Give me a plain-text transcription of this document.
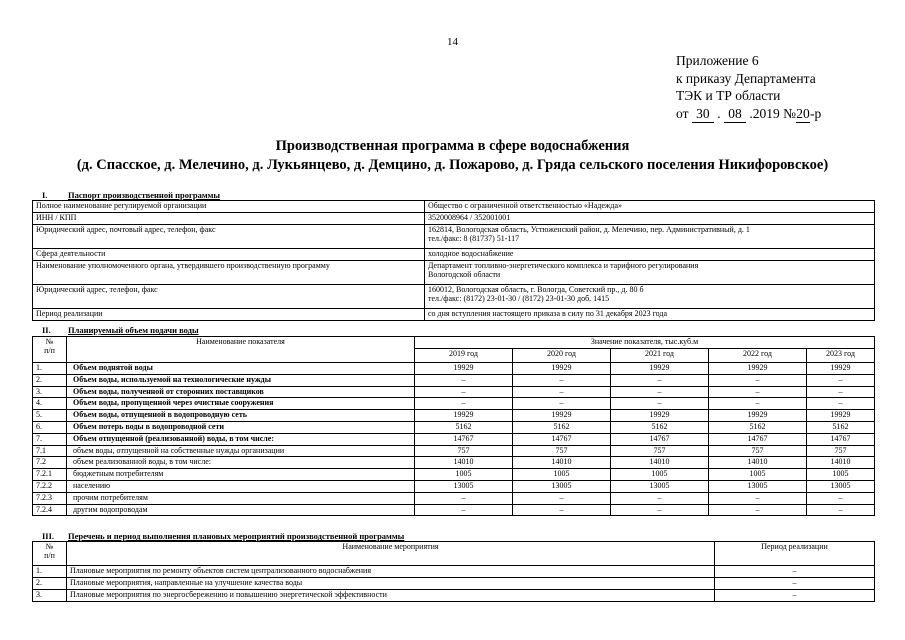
14
Приложение 6
к приказу Департамента
ТЭК и ТР области
от 30 . 08 .2019 №20-р
Производственная программа в сфере водоснабжения
(д. Спасское, д. Мелечино, д. Лукьянцево, д. Демцино, д. Пожарово, д. Гряда сельского поселения Никифоровское)
I. Паспорт производственной программы
Полное наименование регулируемой организации	Общество с ограниченной ответственностью «Надежда»
ИНН / КПП	3520008964 / 352001001
Юридический адрес, почтовый адрес, телефон, факс	162814, Вологодская область, Устюженский район, д. Мелечино, пер. Административный, д. 1
тел./факс: 8 (81737) 51-117

Сфера деятельности	холодное водоснабжение
Наименование уполномоченного органа, утвердившего производственную программу	Департамент топливно-энергетического комплекса и тарифного регулирования
Вологодской области

Юридический адрес, телефон, факс	160012, Вологодская область, г. Вологда, Советский пр., д. 80 б
тел./факс: (8172) 23-01-30 / (8172) 23-01-30 доб. 1415

Период реализации	со дня вступления настоящего приказа в силу по 31 декабря 2023 года
II. Планируемый объем подачи воды
№
п/п	Наименование показателя	Значение показателя, тыс.куб.м				
		2019 год	2020 год	2021 год	2022 год	2023 год
1.	Объем поднятой воды	19929	19929	19929	19929	19929
2.	Объем воды, используемой на технологические нужды	–	–	–	–	–
3.	Объем воды, полученной от сторонних поставщиков	–	–	–	–	–
4.	Объем воды, пропущенной через очистные сооружения	–	–	–	–	–
5.	Объем воды, отпущенной в водопроводную сеть	19929	19929	19929	19929	19929
6.	Объем потерь воды в водопроводной сети	5162	5162	5162	5162	5162
7.	Объем отпущенной (реализованной) воды, в том числе:	14767	14767	14767	14767	14767
7.1	объем воды, отпущенной на собственные нужды организации	757	757	757	757	757
7.2	объем реализованной воды, в том числе:	14010	14010	14010	14010	14010
7.2.1	бюджетным потребителям	1005	1005	1005	1005	1005
7.2.2	населению	13005	13005	13005	13005	13005
7.2.3	прочим потребителям	–	–	–	–	–
7.2.4	другим водопроводам	–	–	–	–	–
III. Перечень и период выполнения плановых мероприятий производственной программы
№
п/п	Наименование мероприятия	Период реализации
1.	Плановые мероприятия по ремонту объектов систем централизованного водоснабжения	–
2.	Плановые мероприятия, направленные на улучшение качества воды	–
3.	Плановые мероприятия по энергосбережению и повышению энергетической эффективности	–
